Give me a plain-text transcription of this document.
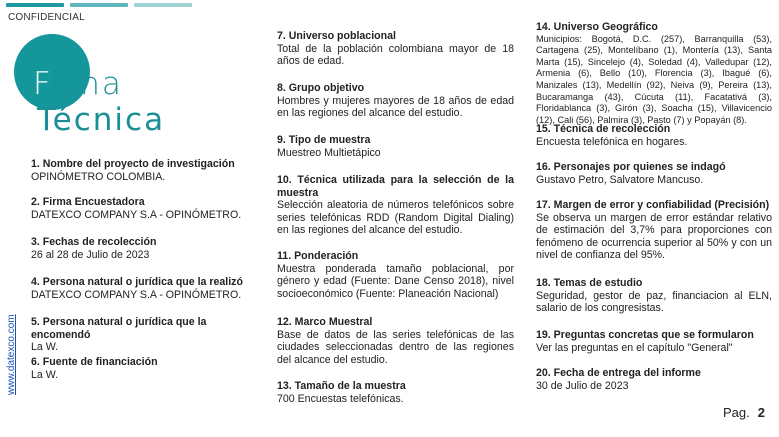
CONFIDENCIAL
Ficha
Técnica
www.datexco.com
1. Nombre del proyecto de investigación
OPINÓMETRO COLOMBIA.
2. Firma Encuestadora
DATEXCO COMPANY S.A - OPINÓMETRO.
3. Fechas de recolección
26 al 28 de Julio de 2023
4. Persona natural o jurídica que la realizó
DATEXCO COMPANY S.A - OPINÓMETRO.
5. Persona natural o jurídica que la encomendó
La W.
6. Fuente de financiación
La W.
7. Universo poblacional
Total de la población colombiana mayor de 18 años de edad.
8. Grupo objetivo
Hombres y mujeres mayores de 18 años de edad en las regiones del alcance del estudio.
9. Tipo de muestra
Muestreo Multietápico
10. Técnica utilizada para la selección de la muestra
Selección aleatoria de números telefónicos sobre series telefónicas RDD (Random Digital Dialing) en las regiones del alcance del estudio.
11. Ponderación
Muestra ponderada tamaño poblacional, por género y edad (Fuente: Dane Censo 2018), nivel socioeconómico (Fuente: Planeación Nacional)
12. Marco Muestral
Base de datos de las series telefónicas de las ciudades seleccionadas dentro de las regiones del alcance del estudio.
13. Tamaño de la muestra
700 Encuestas telefónicas.
14. Universo Geográfico
Municipios: Bogotá, D.C. (257), Barranquilla (53), Cartagena (25), Montelíbano (1), Montería (13), Santa Marta (15), Sincelejo (4), Soledad (4), Valledupar (12), Armenia (6), Bello (10), Florencia (3), Ibagué (6), Manizales (13), Medellín (92), Neiva (9), Pereira (13), Bucaramanga (43), Cúcuta (11), Facatativá (3), Floridablanca (3), Girón (3), Soacha (15), Villavicencio (12), Cali (56), Palmira (3), Pasto (7) y Popayán (8).
15. Técnica de recolección
Encuesta telefónica en hogares.
16. Personajes por quienes se indagó
Gustavo Petro, Salvatore Mancuso.
17. Margen de error y confiabilidad (Precisión)
Se observa un margen de error estándar relativo de estimación del 3,7% para proporciones con fenómeno de ocurrencia superior al 50% y con un nivel de confianza del 95%.
18. Temas de estudio
Seguridad, gestor de paz, financiacion al ELN, salario de los congresistas.
19. Preguntas concretas que se formularon
Ver las preguntas en el capítulo "General"
20. Fecha de entrega del informe
30 de Julio de 2023
Pag. 2
